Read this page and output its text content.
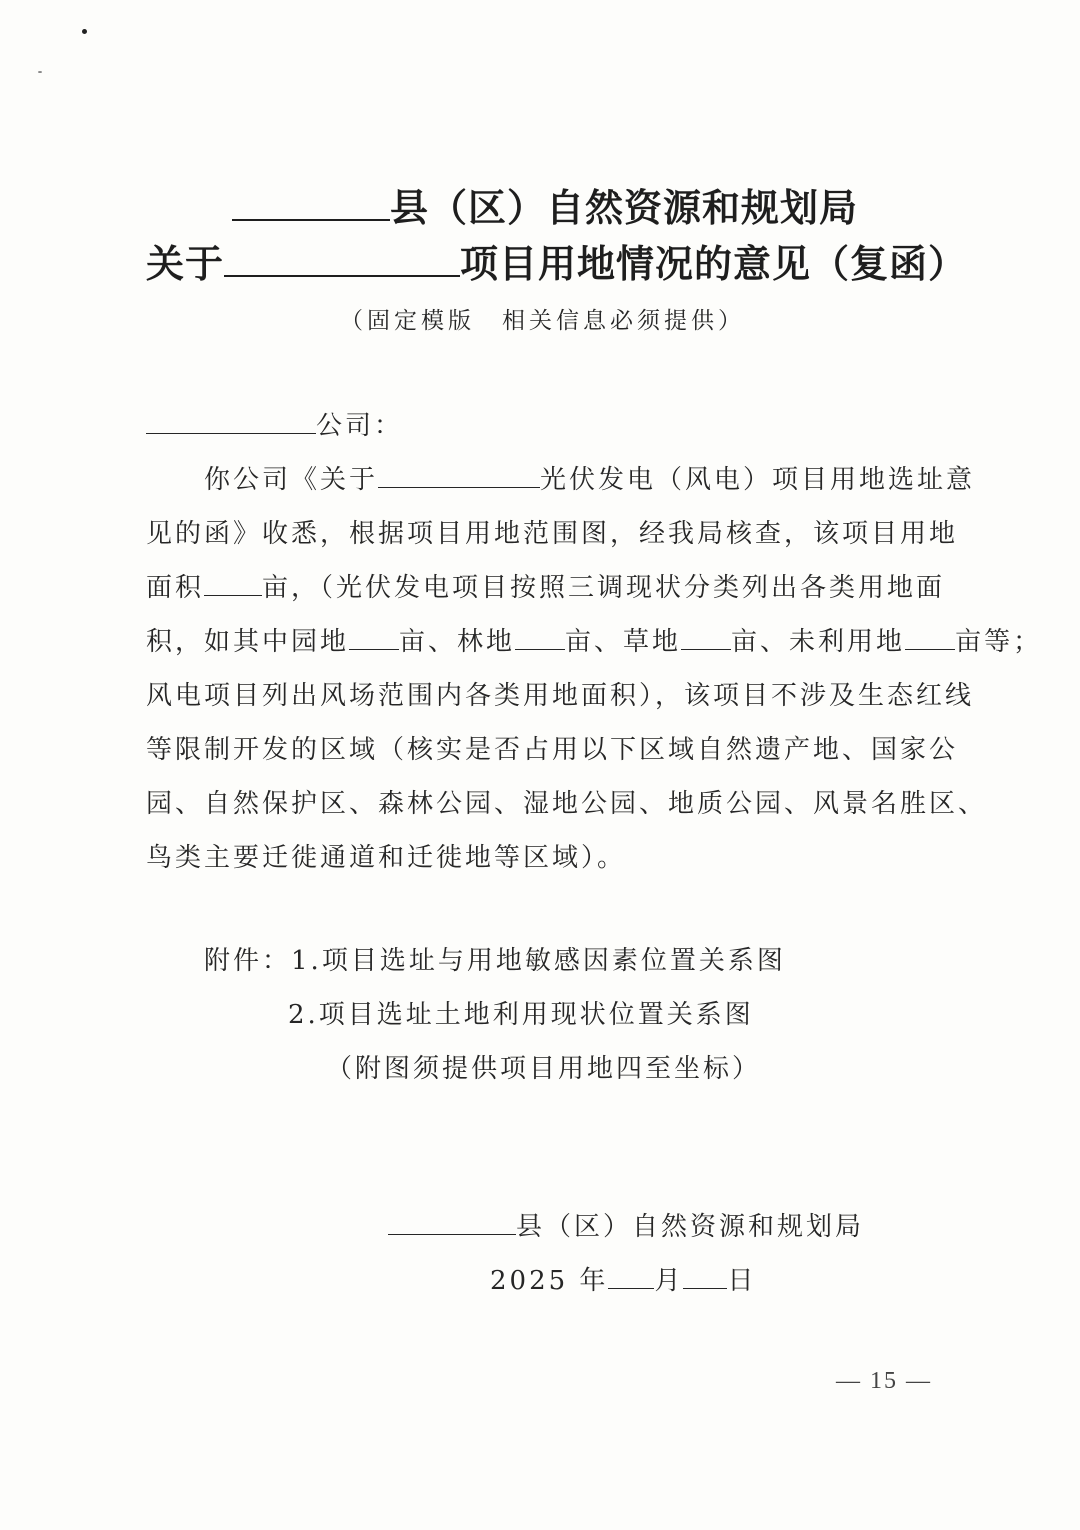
县（区）自然资源和规划局
关于	项目用地情况的意见（复函）
（固定模版　相关信息必须提供）
公司：
你公司《关于	光伏发电（风电）项目用地选址意
见的函》收悉，根据项目用地范围图，经我局核查，该项目用地
面积 亩，（光伏发电项目按照三调现状分类列出各类用地面
积，如其中园地 亩、林地 亩、草地 亩、未利用地 亩等；
风电项目列出风场范围内各类用地面积），该项目不涉及生态红线
等限制开发的区域（核实是否占用以下区域自然遗产地、国家公
园、自然保护区、森林公园、湿地公园、地质公园、风景名胜区、
鸟类主要迁徙通道和迁徙地等区域）。
附件：1.项目选址与用地敏感因素位置关系图
2.项目选址土地利用现状位置关系图
（附图须提供项目用地四至坐标）
县（区）自然资源和规划局
2025 年 月 日
— 15 —
